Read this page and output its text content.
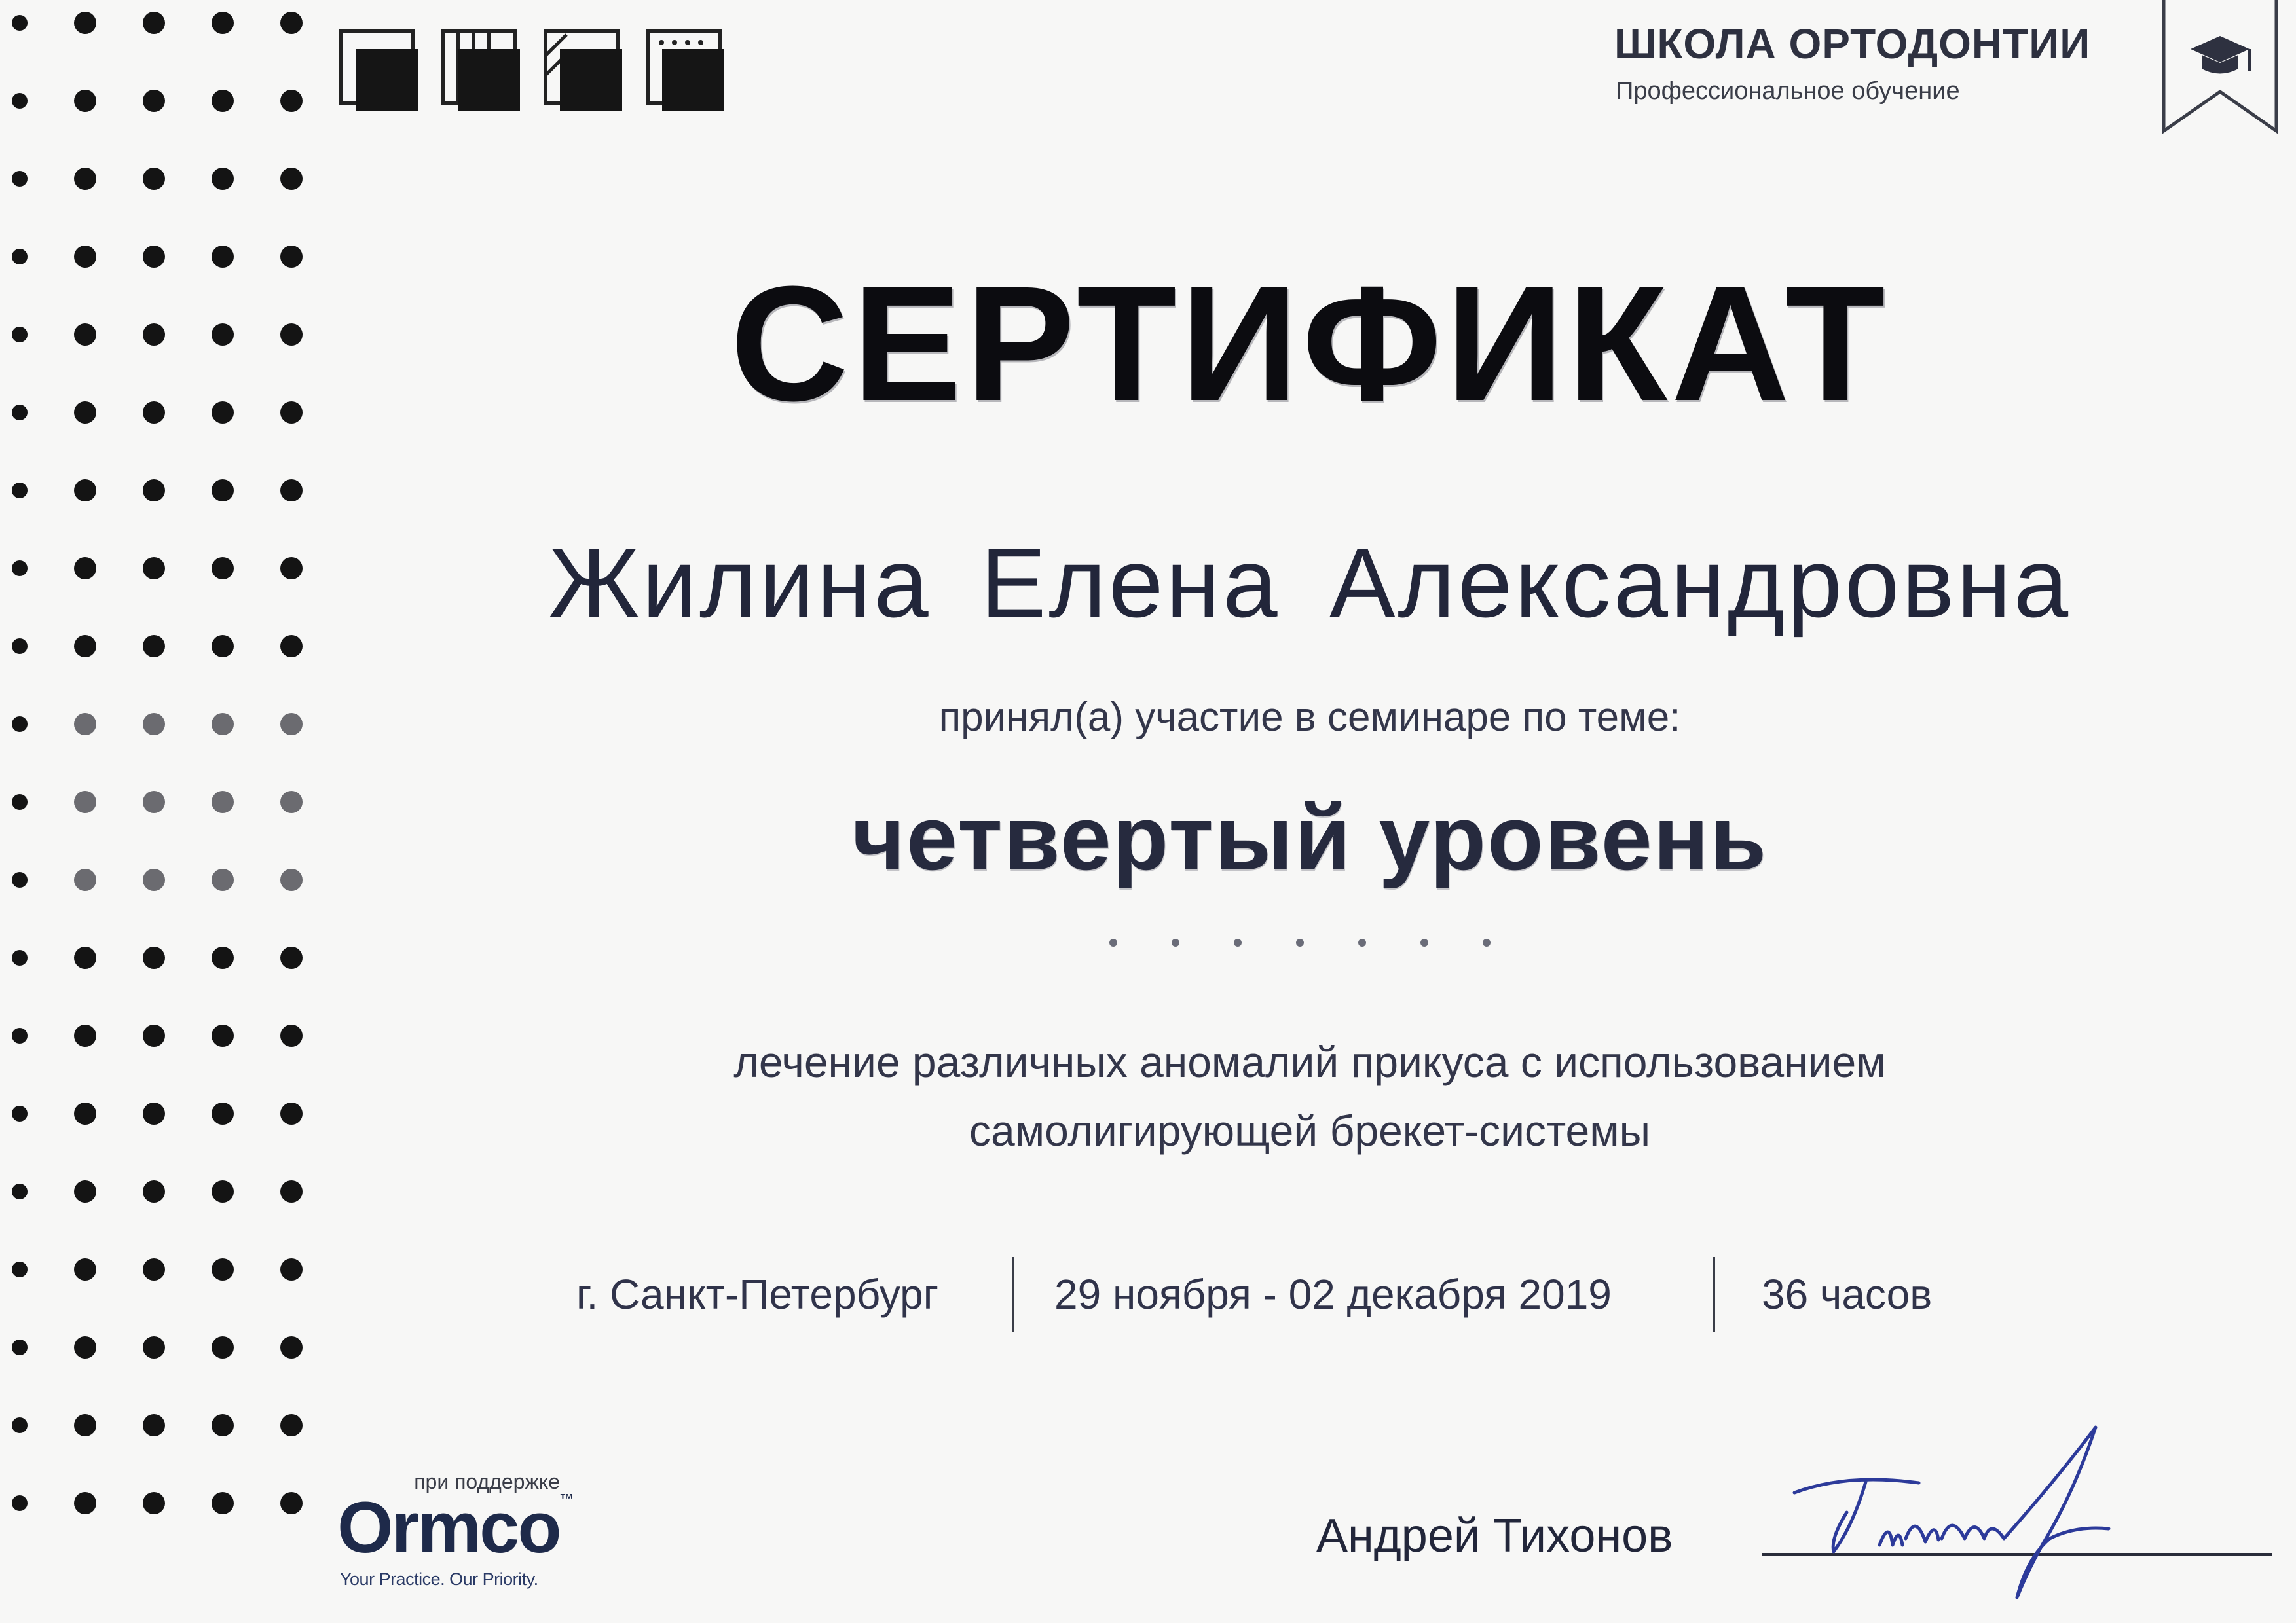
ШКОЛА ОРТОДОНТИИ
Профессиональное обучение
СЕРТИФИКАТ
Жилина Елена Александровна
принял(а) участие в семинаре по теме:
четвертый уровень
лечение различных аномалий прикуса с использованием
самолигирующей брекет-системы
г. Санкт-Петербург	29 ноября - 02 декабря 2019	36 часов
при поддержке
Ormco™
Your Practice. Our Priority.
Андрей Тихонов
